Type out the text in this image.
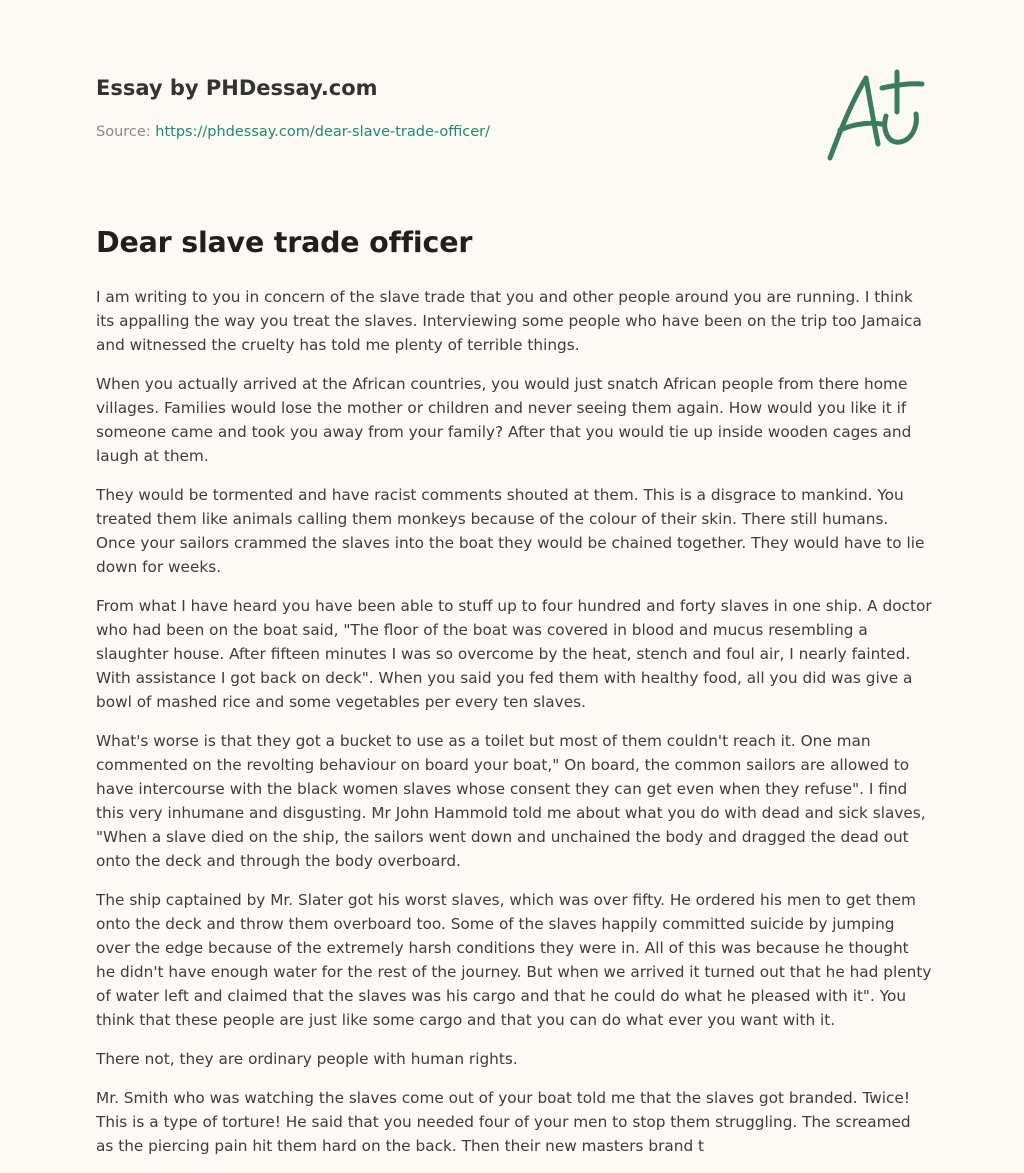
Essay by PHDessay.com

Source: https://phdessay.com/dear-slave-trade-officer/

Dear slave trade officer

I am writing to you in concern of the slave trade that you and other people around you are running. I think its appalling the way you treat the slaves. Interviewing some people who have been on the trip too Jamaica and witnessed the cruelty has told me plenty of terrible things.

When you actually arrived at the African countries, you would just snatch African people from there home villages. Families would lose the mother or children and never seeing them again. How would you like it if someone came and took you away from your family? After that you would tie up inside wooden cages and laugh at them.

They would be tormented and have racist comments shouted at them. This is a disgrace to mankind. You treated them like animals calling them monkeys because of the colour of their skin. There still humans. Once your sailors crammed the slaves into the boat they would be chained together. They would have to lie down for weeks.

From what I have heard you have been able to stuff up to four hundred and forty slaves in one ship. A doctor who had been on the boat said, "The floor of the boat was covered in blood and mucus resembling a slaughter house. After fifteen minutes I was so overcome by the heat, stench and foul air, I nearly fainted. With assistance I got back on deck". When you said you fed them with healthy food, all you did was give a bowl of mashed rice and some vegetables per every ten slaves.

What's worse is that they got a bucket to use as a toilet but most of them couldn't reach it. One man commented on the revolting behaviour on board your boat," On board, the common sailors are allowed to have intercourse with the black women slaves whose consent they can get even when they refuse". I find this very inhumane and disgusting. Mr John Hammold told me about what you do with dead and sick slaves, "When a slave died on the ship, the sailors went down and unchained the body and dragged the dead out onto the deck and through the body overboard.

The ship captained by Mr. Slater got his worst slaves, which was over fifty. He ordered his men to get them onto the deck and throw them overboard too. Some of the slaves happily committed suicide by jumping over the edge because of the extremely harsh conditions they were in. All of this was because he thought he didn't have enough water for the rest of the journey. But when we arrived it turned out that he had plenty of water left and claimed that the slaves was his cargo and that he could do what he pleased with it". You think that these people are just like some cargo and that you can do what ever you want with it.

There not, they are ordinary people with human rights.

Mr. Smith who was watching the slaves come out of your boat told me that the slaves got branded. Twice! This is a type of torture! He said that you needed four of your men to stop them struggling. The screamed as the piercing pain hit them hard on the back. Then their new masters brand t
